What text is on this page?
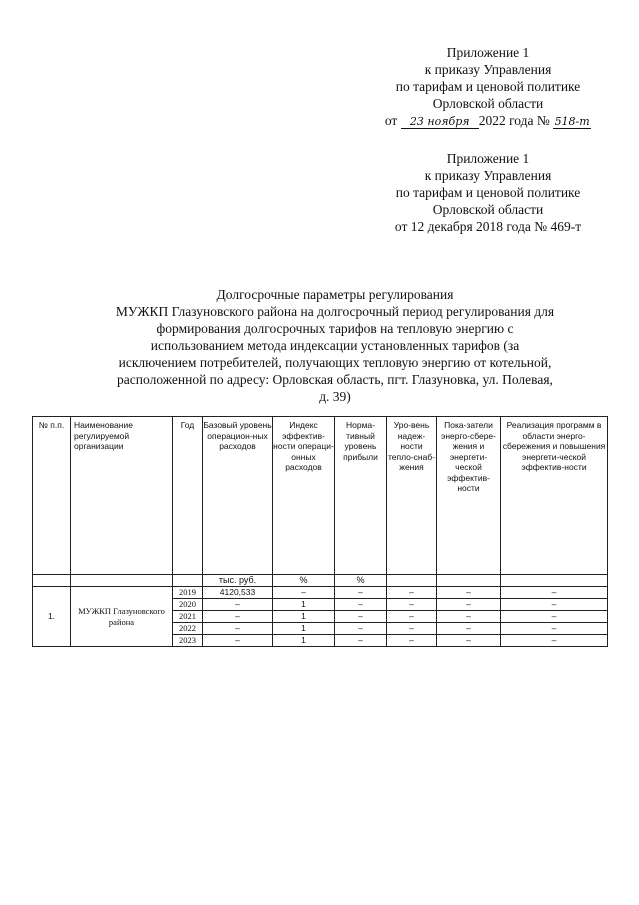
Приложение 1
к приказу Управления
по тарифам и ценовой политике
Орловской области
от 23 ноября 2022 года № 518-т
Приложение 1
к приказу Управления
по тарифам и ценовой политике
Орловской области
от 12 декабря 2018 года № 469-т
Долгосрочные параметры регулирования
МУЖКП Глазуновского района на долгосрочный период регулирования для
формирования долгосрочных тарифов на тепловую энергию с
использованием метода индексации установленных тарифов (за
исключением потребителей, получающих тепловую энергию от котельной,
расположенной по адресу: Орловская область, пгт. Глазуновка, ул. Полевая,
д. 39)
№ п.п.	Наименование регулируемой организации	Год	Базовый уровень операцион-ных расходов	Индекс эффектив-ности операци-онных расходов	Норма-тивный уровень прибыли	Уро-вень надеж-ности тепло-снаб-жения	Пока-затели энерго-сбере-жения и энергети-ческой эффектив-ности	Реализация программ в области энерго-сбережения и повышения энергети-ческой эффектив-ности
			тыс. руб.	%	%			
1.	МУЖКП Глазуновского района	2019	4120,533	–	–	–	–	–
		2020	–	1	–	–	–	–
		2021	–	1	–	–	–	–
		2022	–	1	–	–	–	–
		2023	–	1	–	–	–	–
